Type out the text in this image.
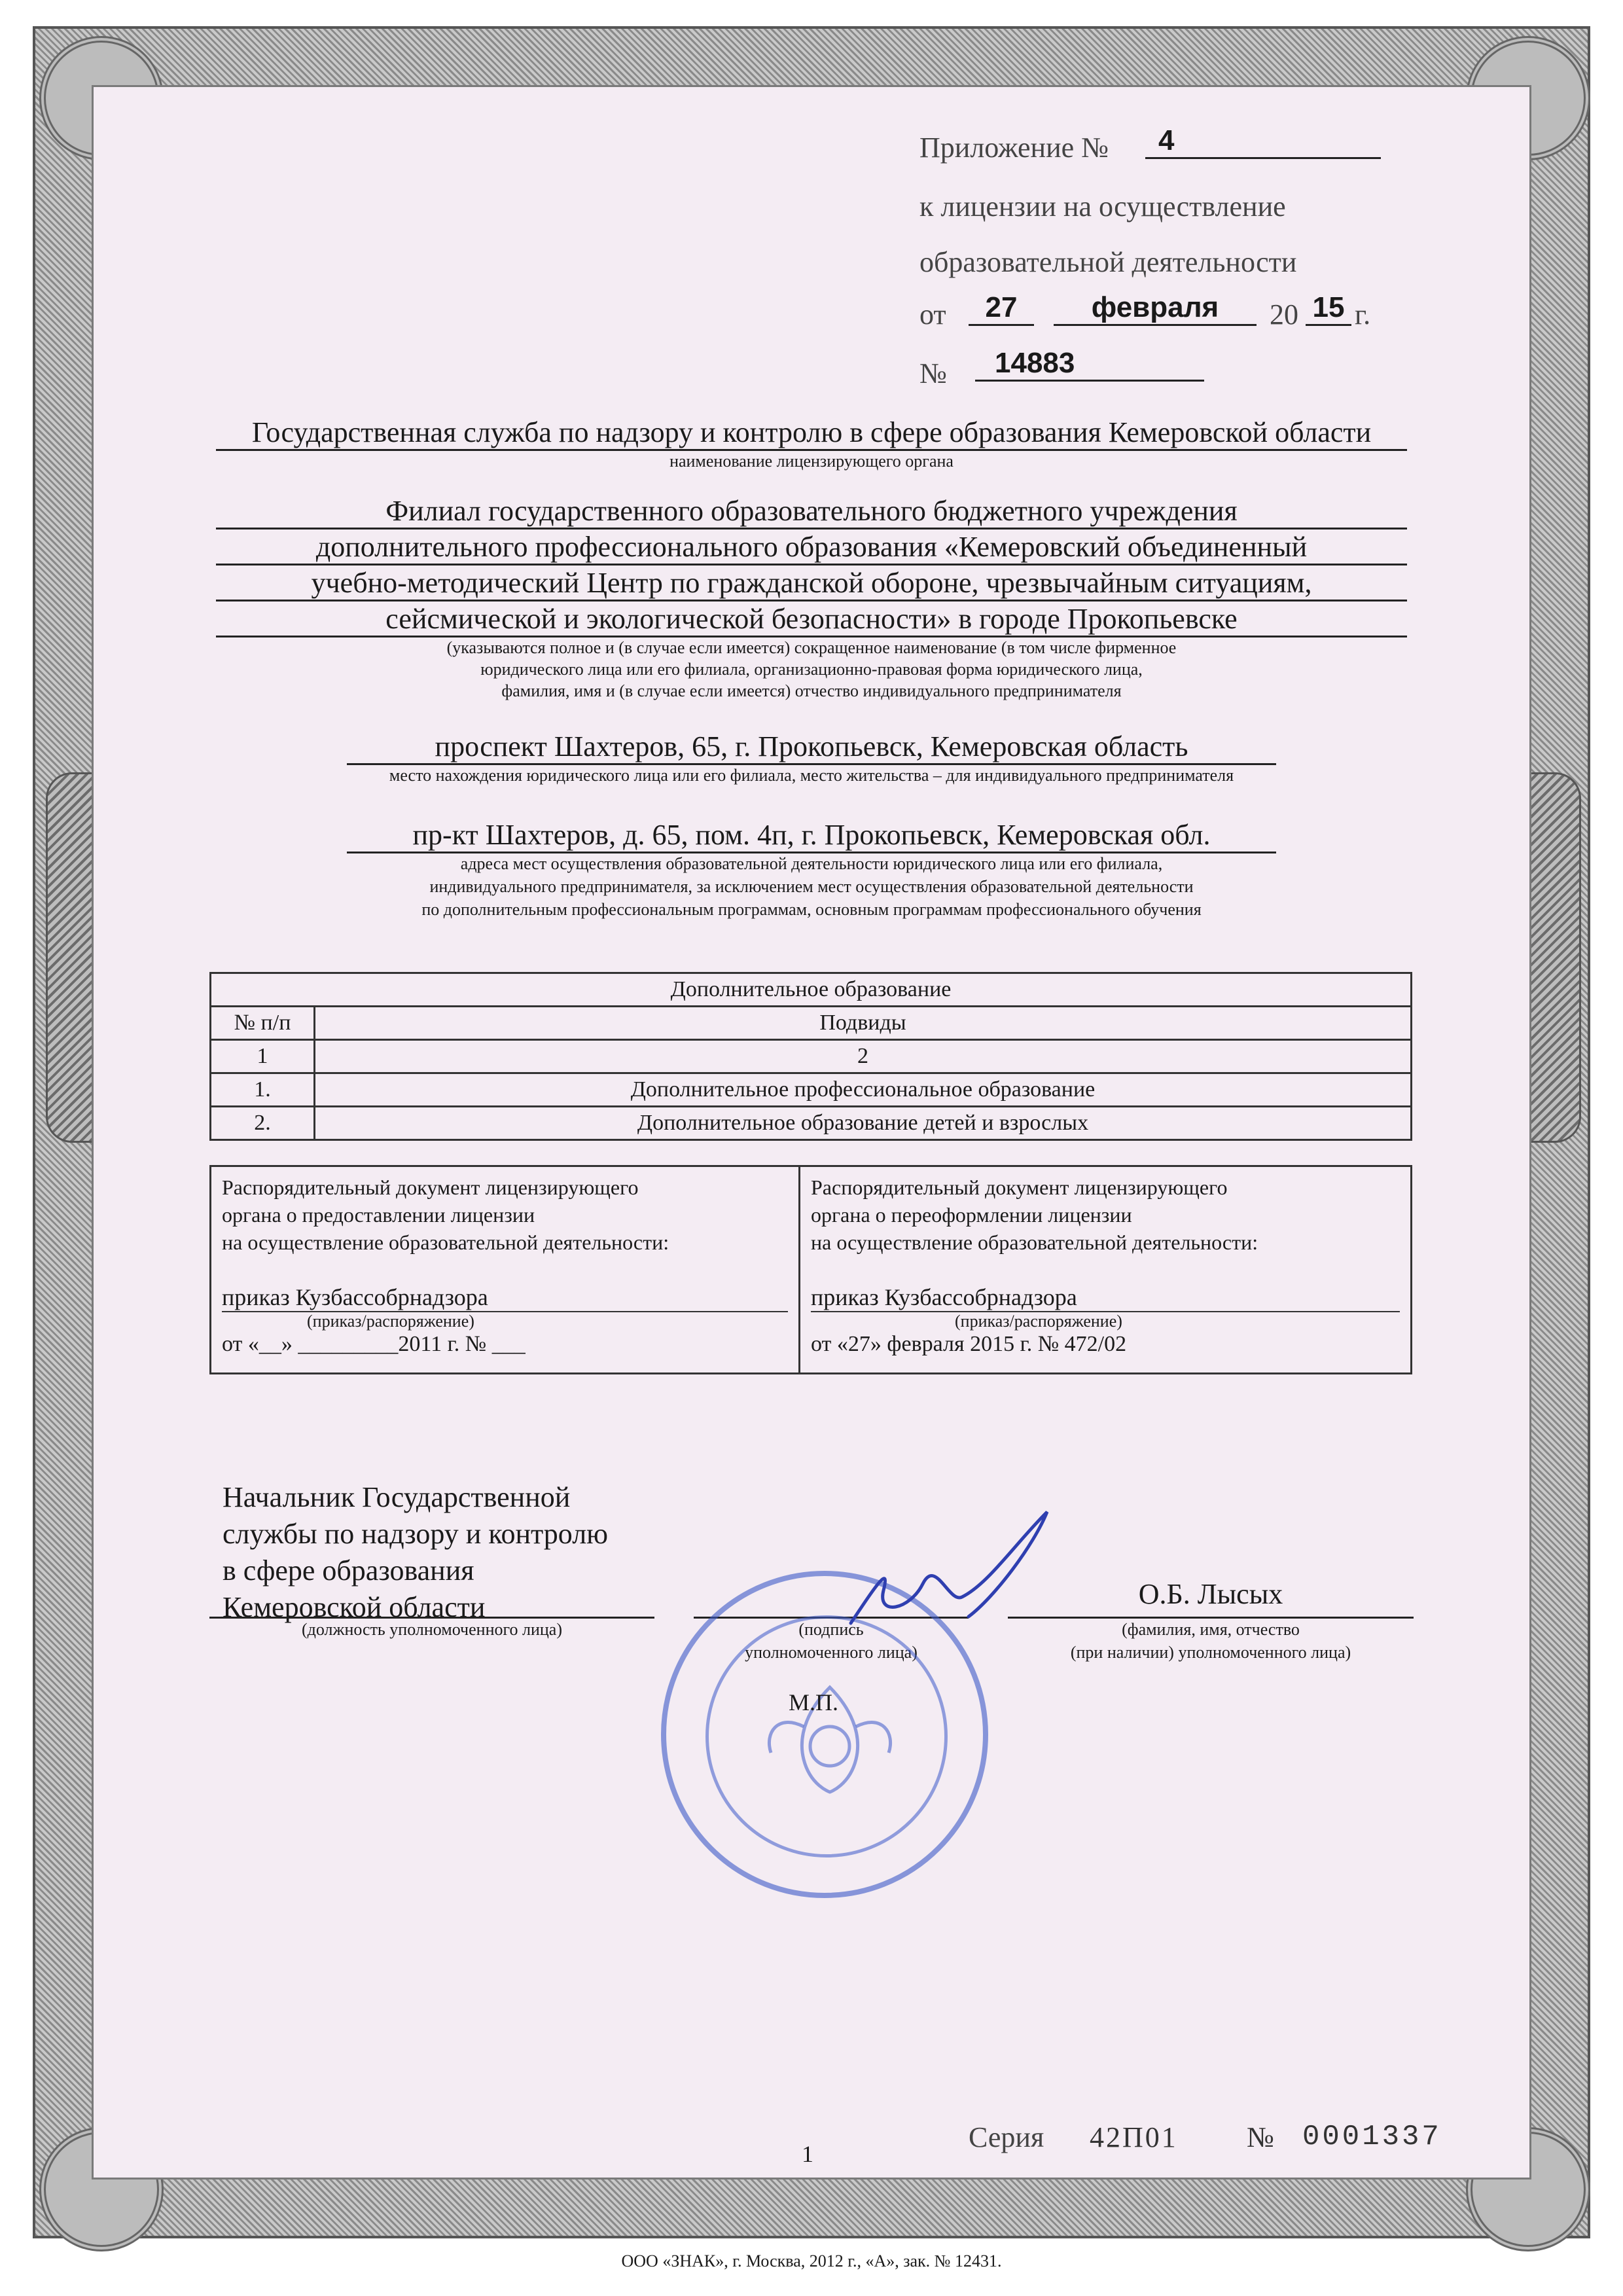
Приложение №	4
к лицензии на осуществление
образовательной деятельности
от	27	февраля	20 15 г.
№	14883
Государственная служба по надзору и контролю в сфере образования Кемеровской области
наименование лицензирующего органа
Филиал государственного образовательного бюджетного учреждения
дополнительного профессионального образования «Кемеровский объединенный
учебно-методический Центр по гражданской обороне, чрезвычайным ситуациям,
сейсмической и экологической безопасности» в городе Прокопьевске
(указываются полное и (в случае если имеется) сокращенное наименование (в том числе фирменное
юридического лица или его филиала, организационно-правовая форма юридического лица,
фамилия, имя и (в случае если имеется) отчество индивидуального предпринимателя
проспект Шахтеров, 65, г. Прокопьевск, Кемеровская область
место нахождения юридического лица или его филиала, место жительства – для индивидуального предпринимателя
пр-кт Шахтеров, д. 65, пом. 4п, г. Прокопьевск, Кемеровская обл.
адреса мест осуществления образовательной деятельности юридического лица или его филиала,
индивидуального предпринимателя, за исключением мест осуществления образовательной деятельности
по дополнительным профессиональным программам, основным программам профессионального обучения
Дополнительное образование	
№ п/п	Подвиды
1	2
1.	Дополнительное профессиональное образование
2.	Дополнительное образование детей и взрослых
Распорядительный документ лицензирующего
органа о предоставлении лицензии
на осуществление образовательной деятельности:
приказ Кузбассобрнадзора
(приказ/распоряжение)
от «__» _________2011 г. № ___
Распорядительный документ лицензирующего
органа о переоформлении лицензии
на осуществление образовательной деятельности:
приказ Кузбассобрнадзора
(приказ/распоряжение)
от «27» февраля 2015 г. № 472/02
Начальник Государственной
службы по надзору и контролю
в сфере образования
Кемеровской области
(должность уполномоченного лица)	(подпись
уполномоченного лица)
О.Б. Лысых
(фамилия, имя, отчество
(при наличии) уполномоченного лица)
М.П.
Серия 42П01 № 0001337
1
ООО «ЗНАК», г. Москва, 2012 г., «А», зак. № 12431.
